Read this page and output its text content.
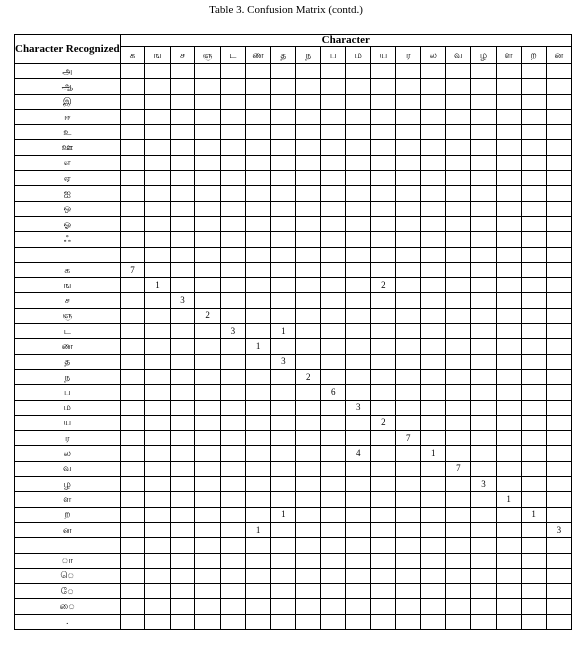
Table 3. Confusion Matrix (contd.)
Character Recognized	Character																	
	க	ங	ச	ஞ	ட	ண	த	ந	ப	ம	ய	ர	ல	வ	ழ	ள	ற	ன
அ																		
ஆ																		
இ																		
ஈ																		
உ																		
ஊ																		
எ																		
ஏ																		
ஐ																		
ஒ																		
ஓ																		
ஃ																		

க	7																	
ங		1									2							
ச			3															
ஞ				2														
ட					3		1											
ண						1												
த							3											
ந								2										
ப									6									
ம										3								
ய											2							
ர												7						
ல										4			1					
வ														7				
ழ															3			
ள																1		
ற							1										1	
ன						1												3

ா																		
ெ																		
ே																		
ை																		
.																		
